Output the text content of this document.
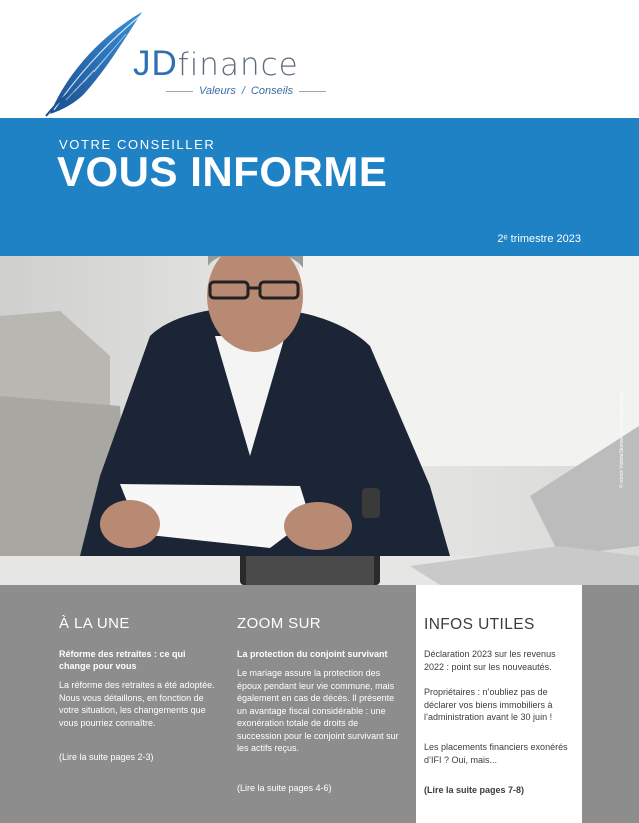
JDfinance
Valeurs / Conseils
VOTRE CONSEILLER
VOUS INFORME
2ᵉ trimestre 2023
© istock VioletaStoimenova / PeopleImages
À LA UNE
Réforme des retraites : ce qui change pour vous
La réforme des retraites a été adoptée. Nous vous détaillons, en fonction de votre situation, les changements que vous pourriez connaître.
(Lire la suite pages 2-3)
ZOOM SUR
La protection du conjoint survivant
Le mariage assure la protection des époux pendant leur vie commune, mais également en cas de décès. Il présente un avantage fiscal considérable : une exonération totale de droits de succession pour le conjoint survivant sur les actifs reçus.
(Lire la suite pages 4-6)
INFOS UTILES
Déclaration 2023 sur les revenus 2022 : point sur les nouveautés.
Propriétaires : n’oubliez pas de déclarer vos biens immobiliers à l’administration avant le 30 juin !
Les placements financiers exonérés d’IFI ? Oui, mais...
(Lire la suite pages 7-8)
